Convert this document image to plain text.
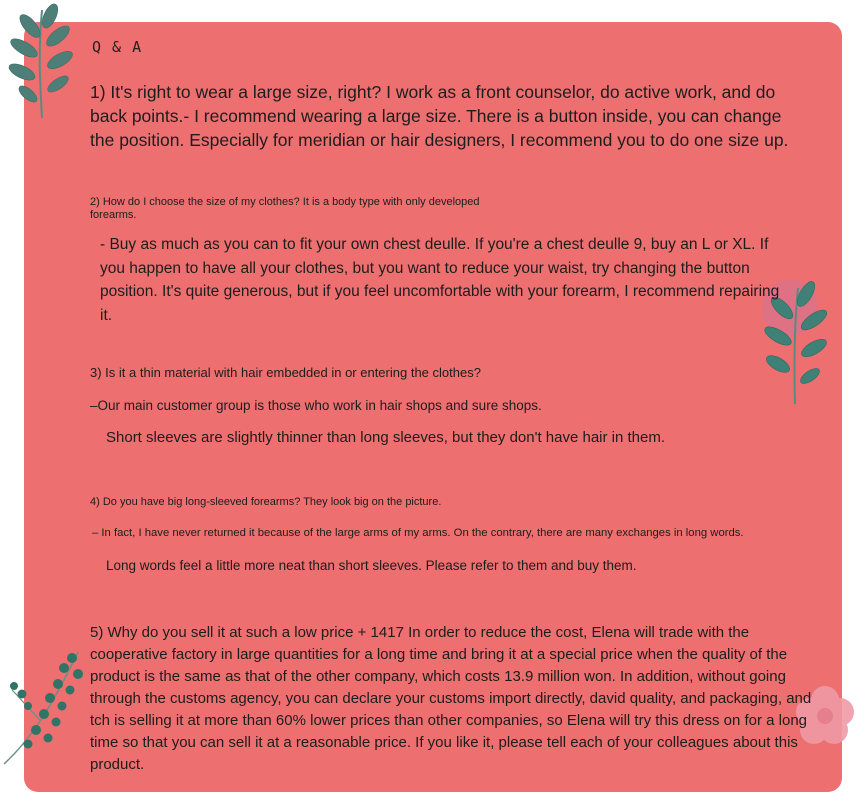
Q & A

1) It's right to wear a large size, right? I work as a front counselor, do active work, and do back points.- I recommend wearing a large size. There is a button inside, you can change the position. Especially for meridian or hair designers, I recommend you to do one size up.

2) How do I choose the size of my clothes? It is a body type with only developed forearms.

- Buy as much as you can to fit your own chest deulle. If you're a chest deulle 9, buy an L or XL. If you happen to have all your clothes, but you want to reduce your waist, try changing the button position. It's quite generous, but if you feel uncomfortable with your forearm, I recommend repairing it.

3) Is it a thin material with hair embedded in or entering the clothes?

–Our main customer group is those who work in hair shops and sure shops.

Short sleeves are slightly thinner than long sleeves, but they don't have hair in them.

4) Do you have big long-sleeved forearms? They look big on the picture.

– In fact, I have never returned it because of the large arms of my arms. On the contrary, there are many exchanges in long words.

Long words feel a little more neat than short sleeves. Please refer to them and buy them.

5) Why do you sell it at such a low price + 1417 In order to reduce the cost, Elena will trade with the cooperative factory in large quantities for a long time and bring it at a special price when the quality of the product is the same as that of the other company, which costs 13.9 million won. In addition, without going through the customs agency, you can declare your customs import directly, david quality, and packaging, and tch is selling it at more than 60% lower prices than other companies, so Elena will try this dress on for a long time so that you can sell it at a reasonable price. If you like it, please tell each of your colleagues about this product.
